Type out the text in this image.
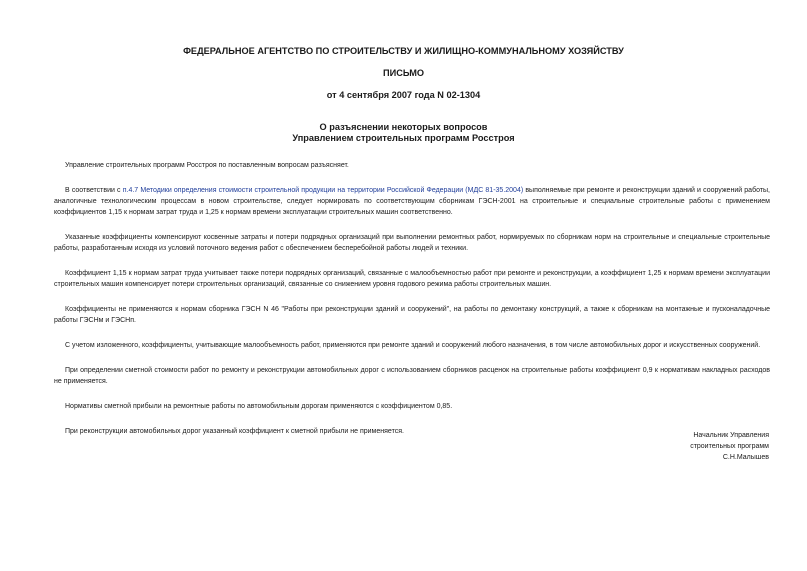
ФЕДЕРАЛЬНОЕ АГЕНТСТВО ПО СТРОИТЕЛЬСТВУ И ЖИЛИЩНО-КОММУНАЛЬНОМУ ХОЗЯЙСТВУ
ПИСЬМО
от 4 сентября 2007 года N 02-1304
О разъяснении некоторых вопросов
Управлением строительных программ Росстроя

Управление строительных программ Росстроя по поставленным вопросам разъясняет.

В соответствии с п.4.7 Методики определения стоимости строительной продукции на территории Российской Федерации (МДС 81-35.2004) выполняемые при ремонте и реконструкции зданий и сооружений работы, аналогичные технологическим процессам в новом строительстве, следует нормировать по соответствующим сборникам ГЭСН-2001 на строительные и специальные строительные работы с применением коэффициентов 1,15 к нормам затрат труда и 1,25 к нормам времени эксплуатации строительных машин соответственно.

Указанные коэффициенты компенсируют косвенные затраты и потери подрядных организаций при выполнении ремонтных работ, нормируемых по сборникам норм на строительные и специальные строительные работы, разработанным исходя из условий поточного ведения работ с обеспечением бесперебойной работы людей и техники.

Коэффициент 1,15 к нормам затрат труда учитывает также потери подрядных организаций, связанные с малообъемностью работ при ремонте и реконструкции, а коэффициент 1,25 к нормам времени эксплуатации строительных машин компенсирует потери строительных организаций, связанные со снижением уровня годового режима работы строительных машин.

Коэффициенты не применяются к нормам сборника ГЭСН N 46 "Работы при реконструкции зданий и сооружений", на работы по демонтажу конструкций, а также к сборникам на монтажные и пусконаладочные работы ГЭСНм и ГЭСНп.

С учетом изложенного, коэффициенты, учитывающие малообъемность работ, применяются при ремонте зданий и сооружений любого назначения, в том числе автомобильных дорог и искусственных сооружений.

При определении сметной стоимости работ по ремонту и реконструкции автомобильных дорог с использованием сборников расценок на строительные работы коэффициент 0,9 к нормативам накладных расходов не применяется.

Нормативы сметной прибыли на ремонтные работы по автомобильным дорогам применяются с коэффициентом 0,85.

При реконструкции автомобильных дорог указанный коэффициент к сметной прибыли не применяется.

Начальник Управления
строительных программ
С.Н.Малышев
